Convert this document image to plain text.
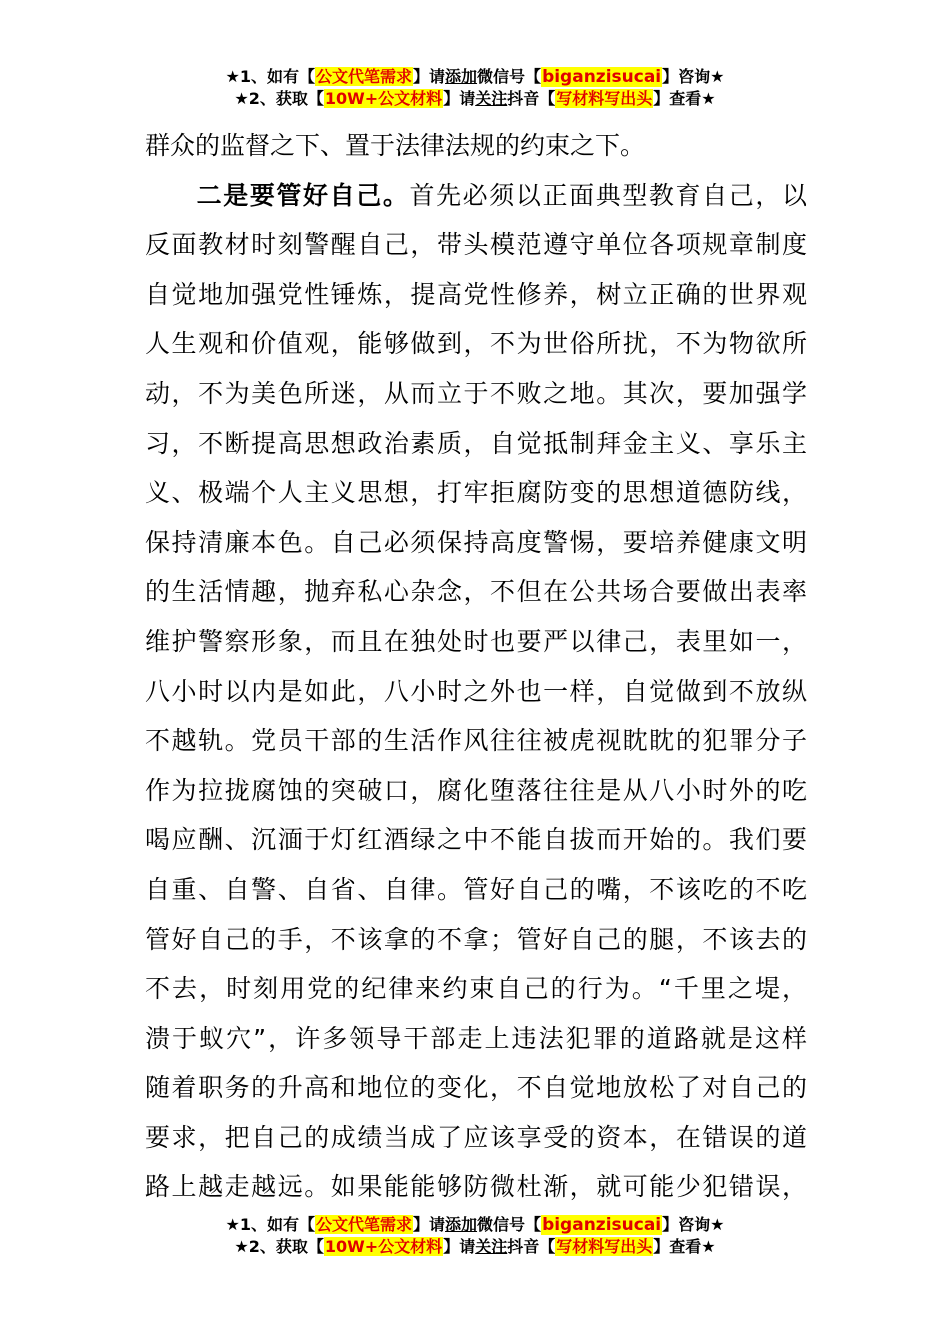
★1、如有【公文代笔需求】请添加微信号【biganzisucai】咨询★
★2、获取【10W+公文材料】请关注抖音【写材料写出头】查看★
群众的监督之下、置于法律法规的约束之下。
二是要管好自己。首先必须以正面典型教育自己，以
反面教材时刻警醒自己，带头模范遵守单位各项规章制度
自觉地加强党性锤炼，提高党性修养，树立正确的世界观
人生观和价值观，能够做到，不为世俗所扰，不为物欲所
动，不为美色所迷，从而立于不败之地。其次，要加强学
习，不断提高思想政治素质，自觉抵制拜金主义、享乐主
义、极端个人主义思想，打牢拒腐防变的思想道德防线，
保持清廉本色。自己必须保持高度警惕，要培养健康文明
的生活情趣，抛弃私心杂念，不但在公共场合要做出表率
维护警察形象，而且在独处时也要严以律己，表里如一，
八小时以内是如此，八小时之外也一样，自觉做到不放纵
不越轨。党员干部的生活作风往往被虎视眈眈的犯罪分子
作为拉拢腐蚀的突破口，腐化堕落往往是从八小时外的吃
喝应酬、沉湎于灯红酒绿之中不能自拔而开始的。我们要
自重、自警、自省、自律。管好自己的嘴，不该吃的不吃
管好自己的手，不该拿的不拿；管好自己的腿，不该去的
不去，时刻用党的纪律来约束自己的行为。“千里之堤，
溃于蚁穴”，许多领导干部走上违法犯罪的道路就是这样
随着职务的升高和地位的变化，不自觉地放松了对自己的
要求，把自己的成绩当成了应该享受的资本，在错误的道
路上越走越远。如果能能够防微杜渐，就可能少犯错误，
★1、如有【公文代笔需求】请添加微信号【biganzisucai】咨询★
★2、获取【10W+公文材料】请关注抖音【写材料写出头】查看★
